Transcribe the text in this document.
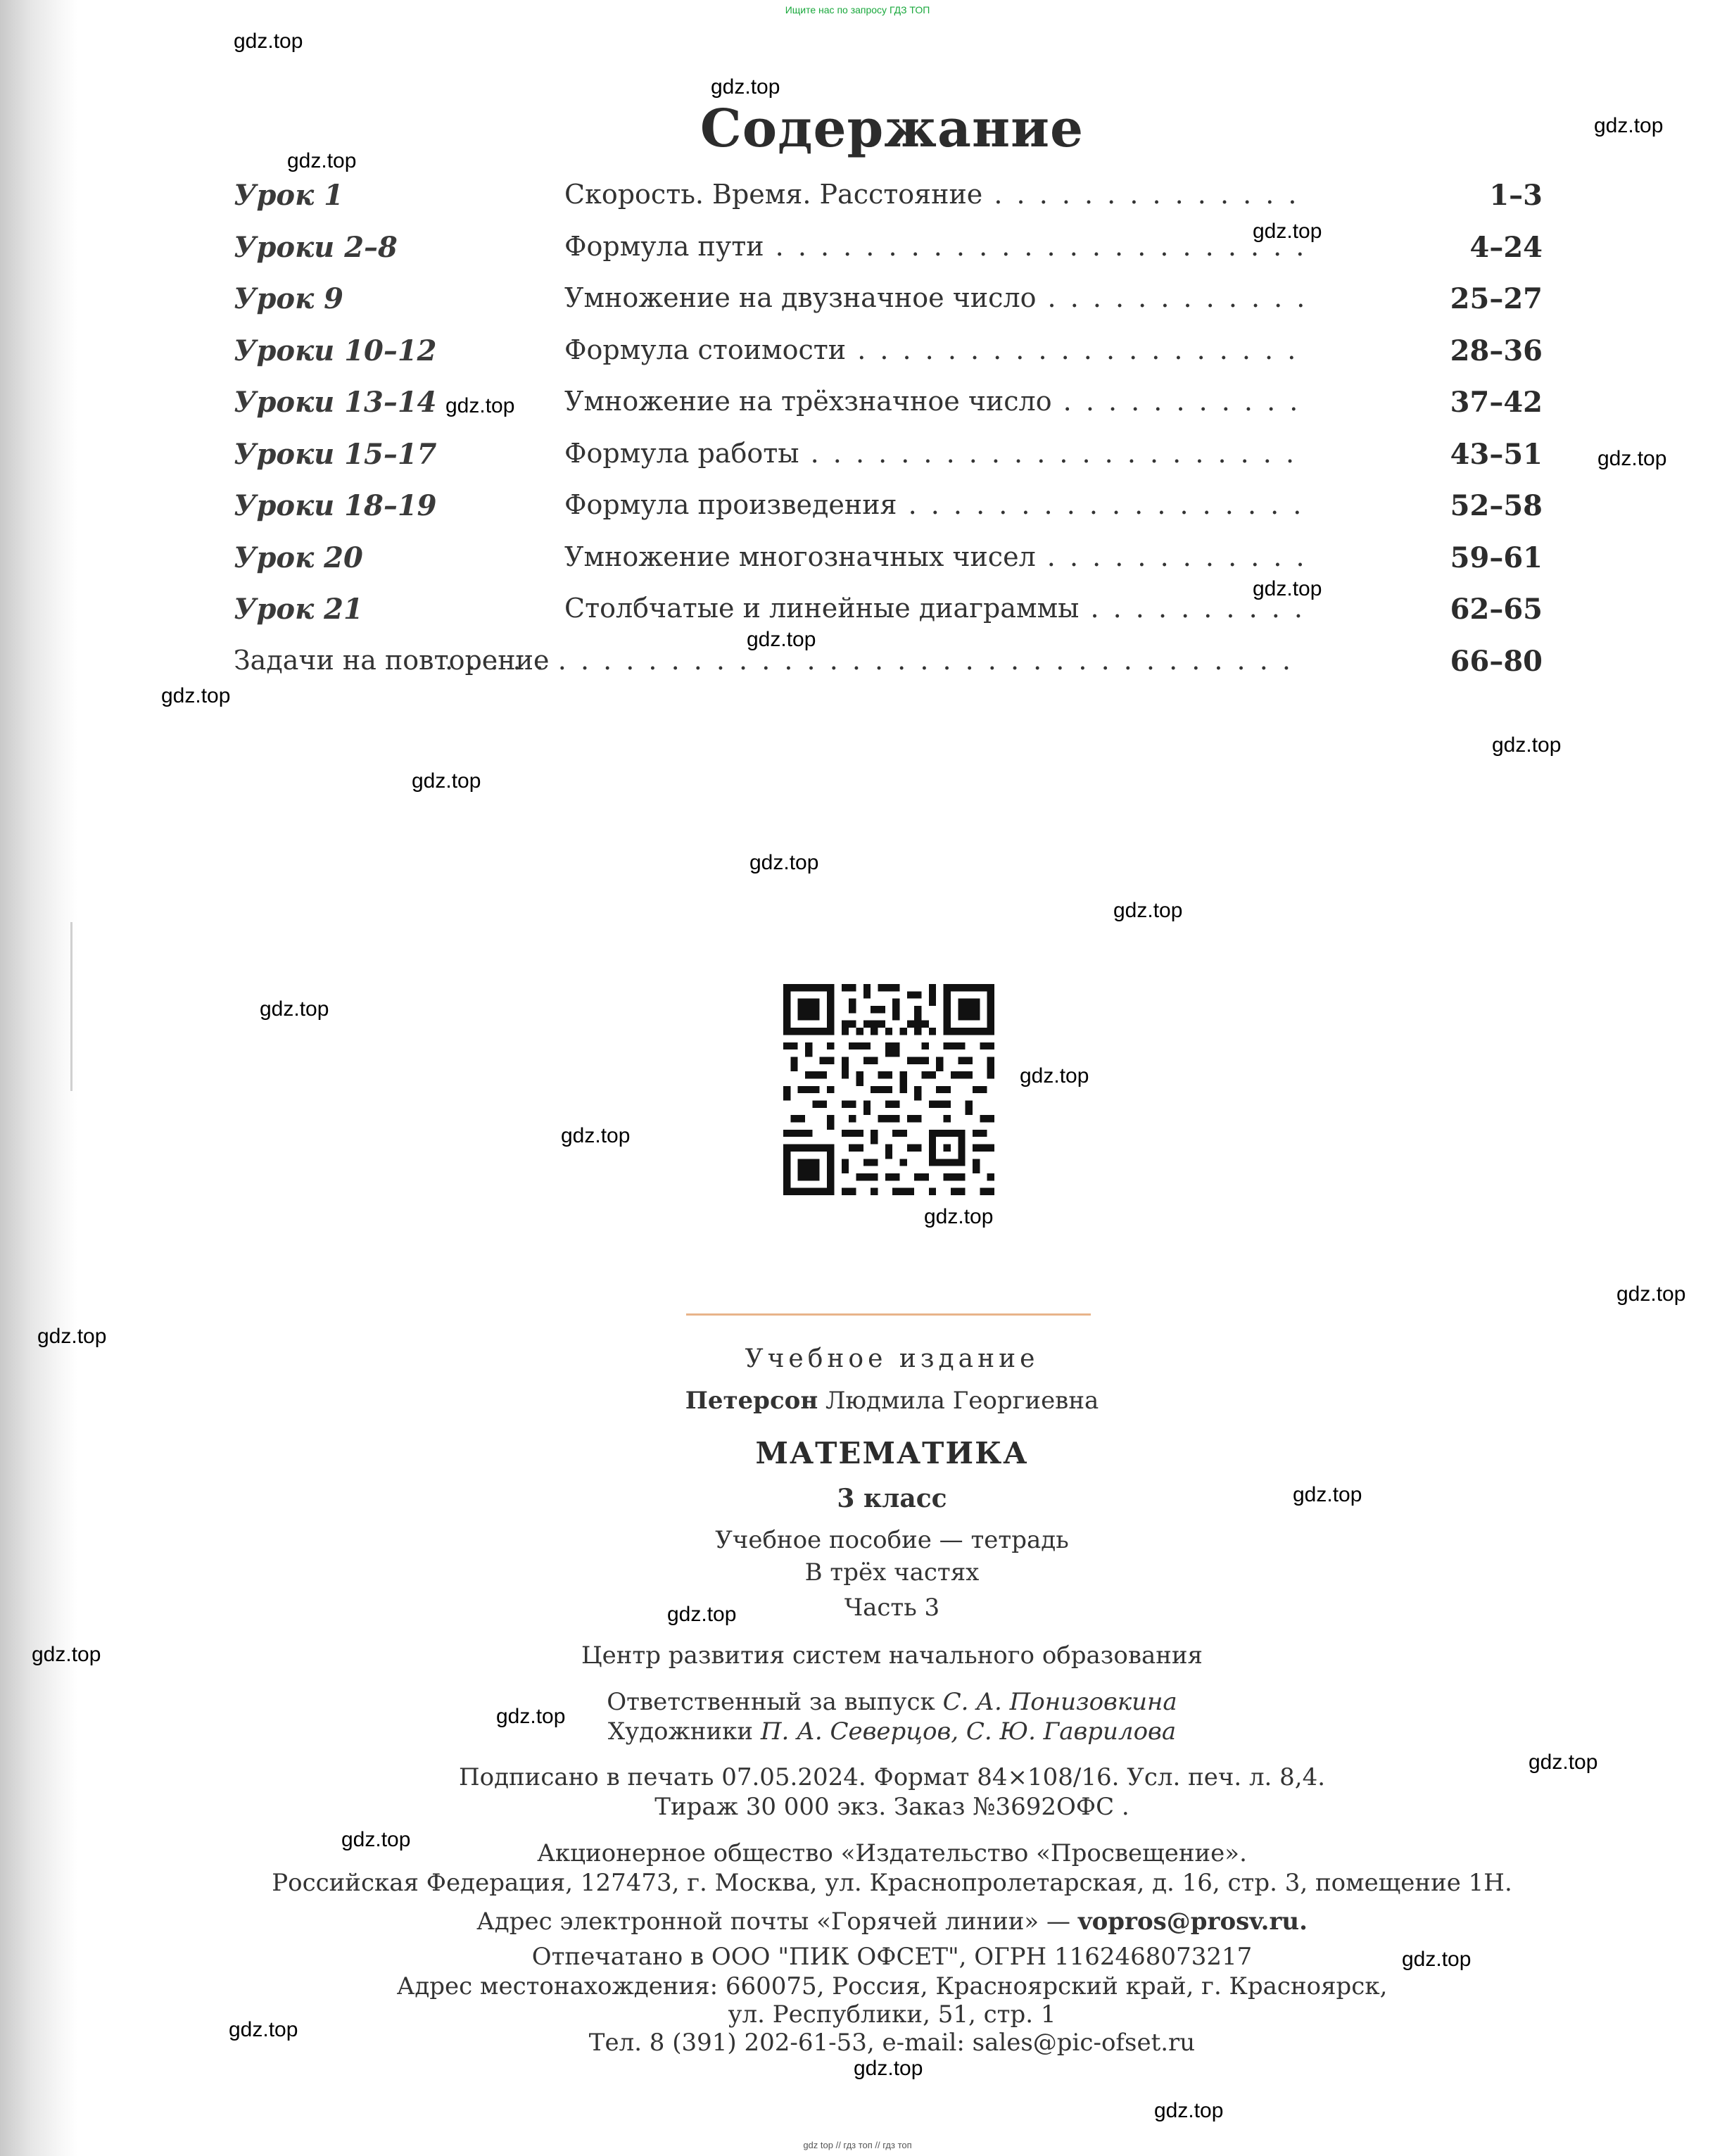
Ищите нас по запросу ГДЗ ТОП
Содержание
Урок 1	Скорость. Время. Расстояние . . .	1–3
Уроки 2–8	Формула пути . . .	4–24
Урок 9	Умножение на двузначное число . . .	25–27
Уроки 10–12	Формула стоимости . . .	28–36
Уроки 13–14	Умножение на трёхзначное число . . .	37–42
Уроки 15–17	Формула работы . . .	43–51
Уроки 18–19	Формула произведения . . .	52–58
Урок 20	Умножение многозначных чисел . . .	59–61
Урок 21	Столбчатые и линейные диаграммы . . .	62–65
Задачи на повторение
. . .	66–80
Учебное издание
Петерсон Людмила Георгиевна
МАТЕМАТИКА
3 класс
Учебное пособие — тетрадь
В трёх частях
Часть 3
Центр развития систем начального образования
Ответственный за выпуск С. А. Понизовкина
Художники П. А. Северцов, С. Ю. Гаврилова
Подписано в печать 07.05.2024. Формат 84×108/16. Усл. печ. л. 8,4.
Тираж 30 000 экз. Заказ №3692ОФС .
Акционерное общество «Издательство «Просвещение».
Российская Федерация, 127473, г. Москва, ул. Краснопролетарская, д. 16, стр. 3, помещение 1Н.
Адрес электронной почты «Горячей линии» — vopros@prosv.ru.
Отпечатано в ООО "ПИК ОФСЕТ", ОГРН 1162468073217
Адрес местонахождения: 660075, Россия, Красноярский край, г. Красноярск,
ул. Республики, 51, стр. 1
Тел. 8 (391) 202-61-53, e-mail: sales@pic-ofset.ru
gdz top // гдз топ // гдз топ
gdz.top
gdz.top
gdz.top
gdz.top
gdz.top
gdz.top
gdz.top
gdz.top
gdz.top
gdz.top
gdz.top
gdz.top
gdz.top
gdz.top
gdz.top
gdz.top
gdz.top
gdz.top
gdz.top
gdz.top
gdz.top
gdz.top
gdz.top
gdz.top
gdz.top
gdz.top
gdz.top
gdz.top
gdz.top
gdz.top
